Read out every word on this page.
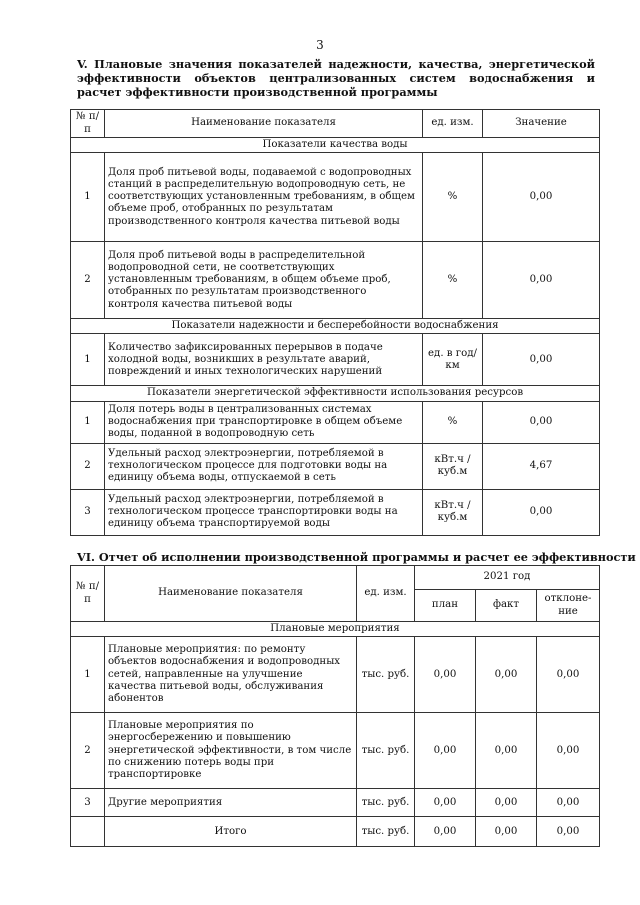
3
V. Плановые значения показателей надежности, качества, энергетической эффективности объектов централизованных систем водоснабжения и расчет эффективности производственной программы
№ п/п	Наименование показателя	ед. изм.	Значение
Показатели качества воды			
1	Доля проб питьевой воды, подаваемой с водопроводных станций в распределительную водопроводную сеть, не соответствующих установленным требованиям, в общем объеме проб, отобранных по результатам производственного контроля качества питьевой воды	%	0,00
2	Доля проб питьевой воды в распределительной водопроводной сети, не соответствующих установленным требованиям, в общем объеме проб, отобранных по результатам производственного контроля качества питьевой воды	%	0,00
Показатели надежности и бесперебойности водоснабжения			
1	Количество зафиксированных перерывов в подаче холодной воды, возникших в результате аварий, повреждений и иных технологических нарушений	ед. в год/ км	0,00
Показатели энергетической эффективности использования ресурсов			
1	Доля потерь воды в централизованных системах водоснабжения при транспортировке в общем объеме воды, поданной в водопроводную сеть	%	0,00
2	Удельный расход электроэнергии, потребляемой в технологическом процессе для подготовки воды на единицу объема воды, отпускаемой в сеть	кВт.ч / куб.м	4,67
3	Удельный расход электроэнергии, потребляемой в технологическом процессе транспортировки воды на единицу объема транспортируемой воды	кВт.ч / куб.м	0,00
VI. Отчет об исполнении производственной программы и расчет ее эффективности
№ п/п	Наименование показателя	ед. изм.	2021 год		
			план	факт	отклоне-ние
Плановые мероприятия					
1	Плановые мероприятия: по ремонту объектов водоснабжения и водопроводных сетей, направленные на улучшение качества питьевой воды, обслуживания абонентов	тыс. руб.	0,00	0,00	0,00
2	Плановые мероприятия по энергосбережению и повышению энергетической эффективности, в том числе по снижению потерь воды при транспортировке	тыс. руб.	0,00	0,00	0,00
3	Другие мероприятия	тыс. руб.	0,00	0,00	0,00
	Итого	тыс. руб.	0,00	0,00	0,00
